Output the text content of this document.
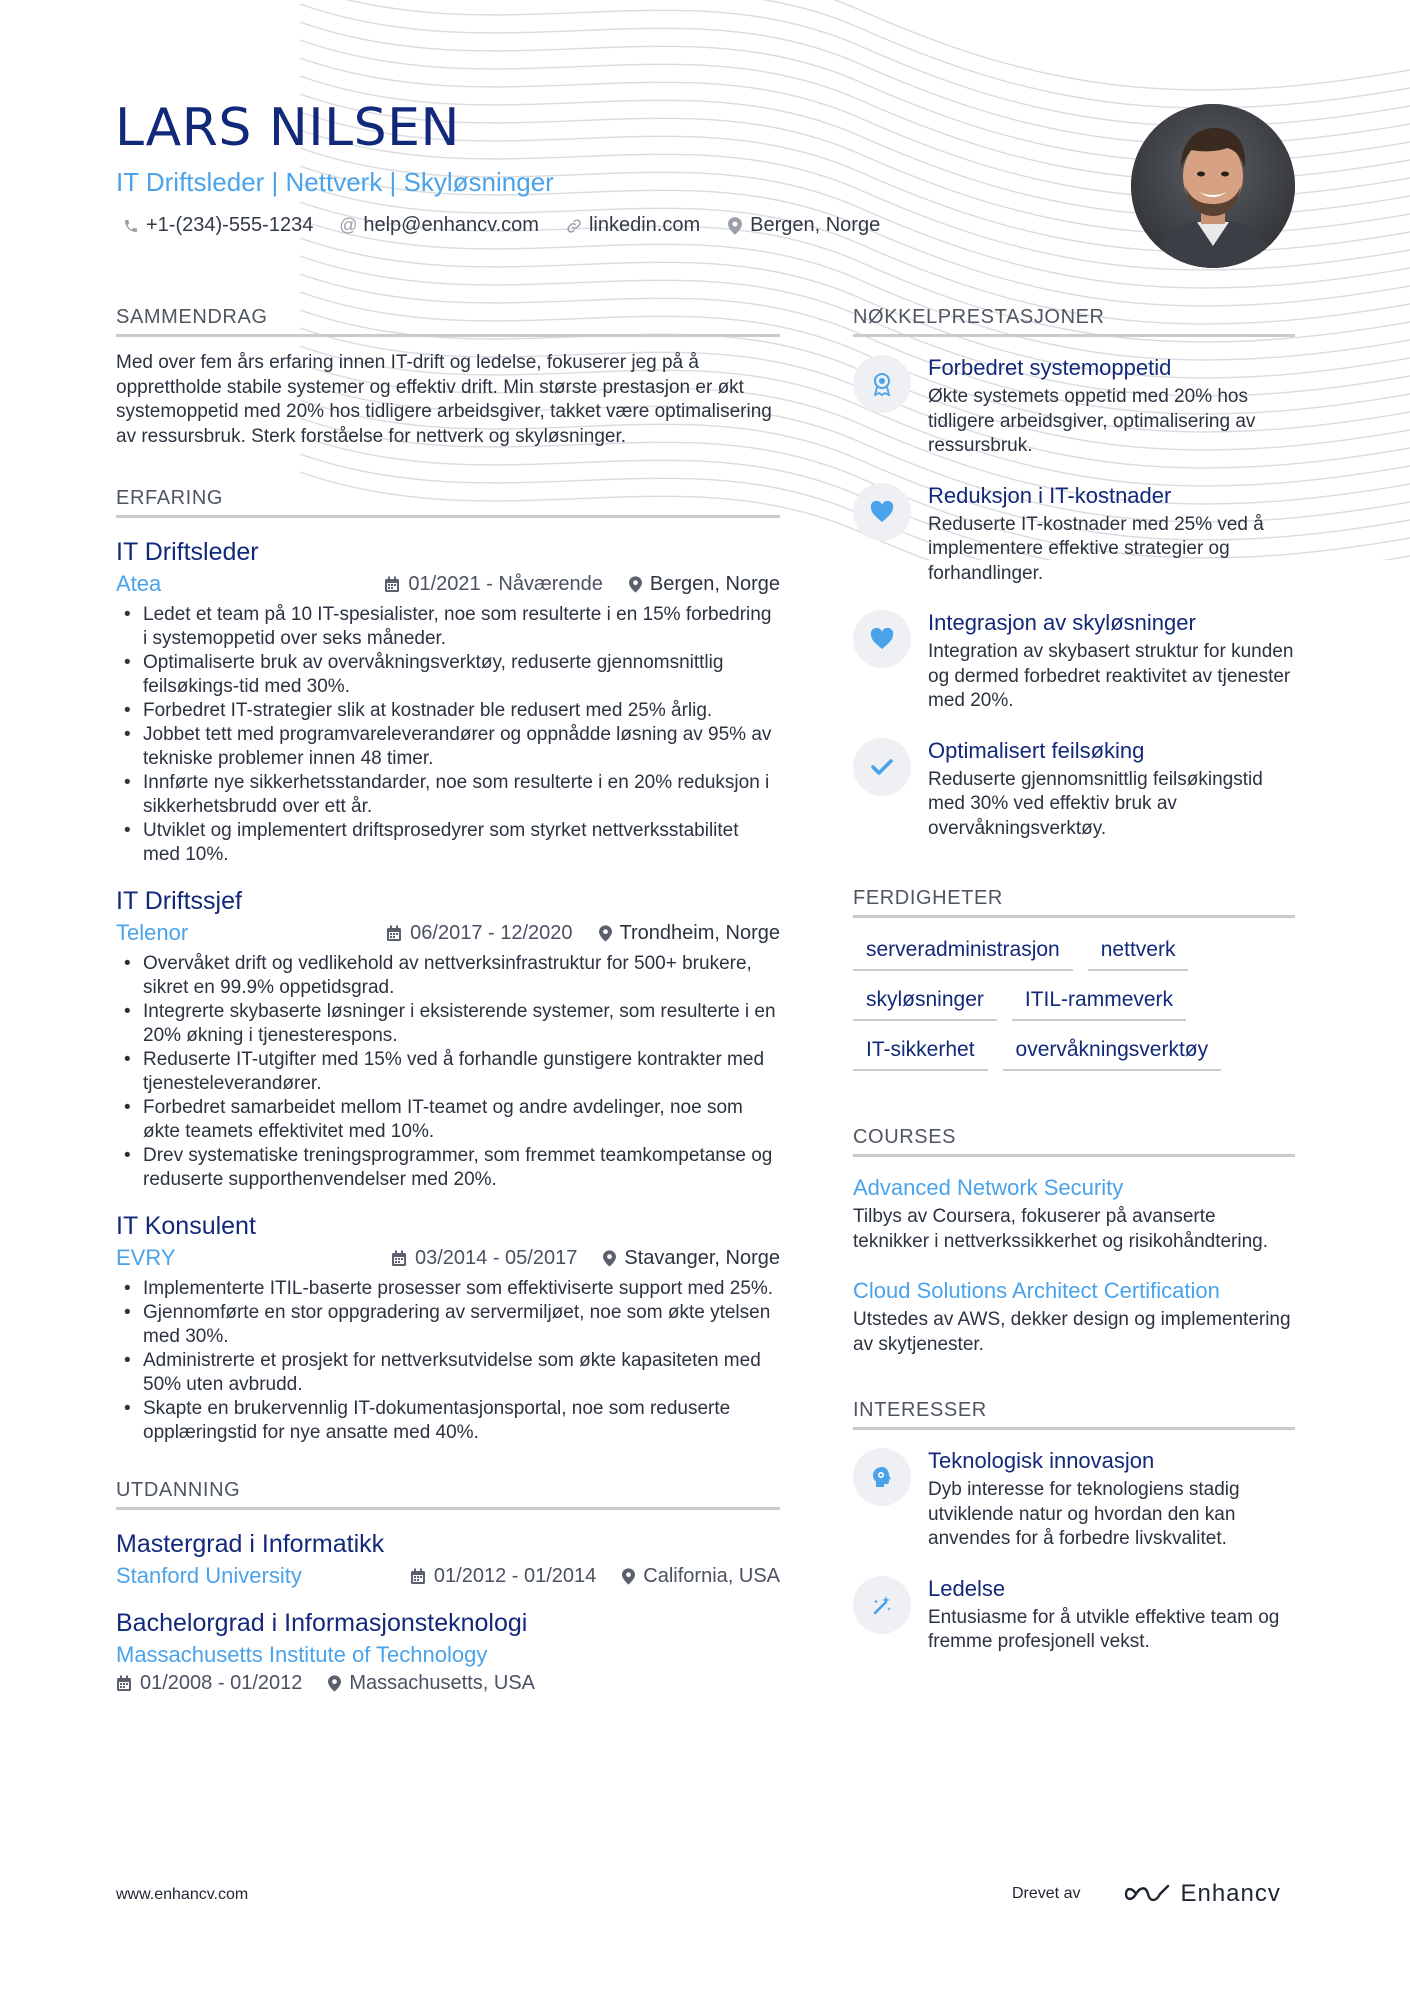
LARS NILSEN
IT Driftsleder | Nettverk | Skyløsninger
+1-(234)-555-1234 @ help@enhancv.com	linkedin.com	Bergen, Norge
SAMMENDRAG
Med over fem års erfaring innen IT-drift og ledelse, fokuserer jeg på å opprettholde stabile systemer og effektiv drift. Min største prestasjon er økt systemoppetid med 20% hos tidligere arbeidsgiver, takket være optimalisering av ressursbruk. Sterk forståelse for nettverk og skyløsninger.
ERFARING
IT Driftsleder
Atea	01/2021 - Nåværende Bergen, Norge
• Ledet et team på 10 IT-spesialister, noe som resulterte i en 15% forbedring i systemoppetid over seks måneder.
• Optimaliserte bruk av overvåkningsverktøy, reduserte gjennomsnittlig feilsøkings-tid med 30%.
• Forbedret IT-strategier slik at kostnader ble redusert med 25% årlig.
• Jobbet tett med programvareleverandører og oppnådde løsning av 95% av tekniske problemer innen 48 timer.
• Innførte nye sikkerhetsstandarder, noe som resulterte i en 20% reduksjon i sikkerhetsbrudd over ett år.
• Utviklet og implementert driftsprosedyrer som styrket nettverksstabilitet med 10%.
IT Driftssjef
Telenor	06/2017 - 12/2020 Trondheim, Norge
• Overvåket drift og vedlikehold av nettverksinfrastruktur for 500+ brukere, sikret en 99.9% oppetidsgrad.
• Integrerte skybaserte løsninger i eksisterende systemer, som resulterte i en 20% økning i tjenesterespons.
• Reduserte IT-utgifter med 15% ved å forhandle gunstigere kontrakter med tjenesteleverandører.
• Forbedret samarbeidet mellom IT-teamet og andre avdelinger, noe som økte teamets effektivitet med 10%.
• Drev systematiske treningsprogrammer, som fremmet teamkompetanse og reduserte supporthenvendelser med 20%.
IT Konsulent
EVRY	03/2014 - 05/2017 Stavanger, Norge
• Implementerte ITIL-baserte prosesser som effektiviserte support med 25%.
• Gjennomførte en stor oppgradering av servermiljøet, noe som økte ytelsen med 30%.
• Administrerte et prosjekt for nettverksutvidelse som økte kapasiteten med 50% uten avbrudd.
• Skapte en brukervennlig IT-dokumentasjonsportal, noe som reduserte opplæringstid for nye ansatte med 40%.
UTDANNING
Mastergrad i Informatikk
Stanford University	01/2012 - 01/2014 California, USA
Bachelorgrad i Informasjonsteknologi
Massachusetts Institute of Technology
01/2008 - 01/2012 Massachusetts, USA
NØKKELPRESTASJONER
Forbedret systemoppetid
Økte systemets oppetid med 20% hos tidligere arbeidsgiver, optimalisering av ressursbruk.
Reduksjon i IT-kostnader
Reduserte IT-kostnader med 25% ved å implementere effektive strategier og forhandlinger.
Integrasjon av skyløsninger
Integration av skybasert struktur for kunden og dermed forbedret reaktivitet av tjenester med 20%.
Optimalisert feilsøking
Reduserte gjennomsnittlig feilsøkingstid med 30% ved effektiv bruk av overvåkningsverktøy.
FERDIGHETER
serveradministrasjon	nettverk
skyløsninger	ITIL-rammeverk
IT-sikkerhet	overvåkningsverktøy
COURSES
Advanced Network Security
Tilbys av Coursera, fokuserer på avanserte teknikker i nettverkssikkerhet og risikohåndtering.
Cloud Solutions Architect Certification
Utstedes av AWS, dekker design og implementering av skytjenester.
INTERESSER
Teknologisk innovasjon
Dyb interesse for teknologiens stadig utviklende natur og hvordan den kan anvendes for å forbedre livskvalitet.
Ledelse
Entusiasme for å utvikle effektive team og fremme profesjonell vekst.
www.enhancv.com	Drevet av	Enhancv
